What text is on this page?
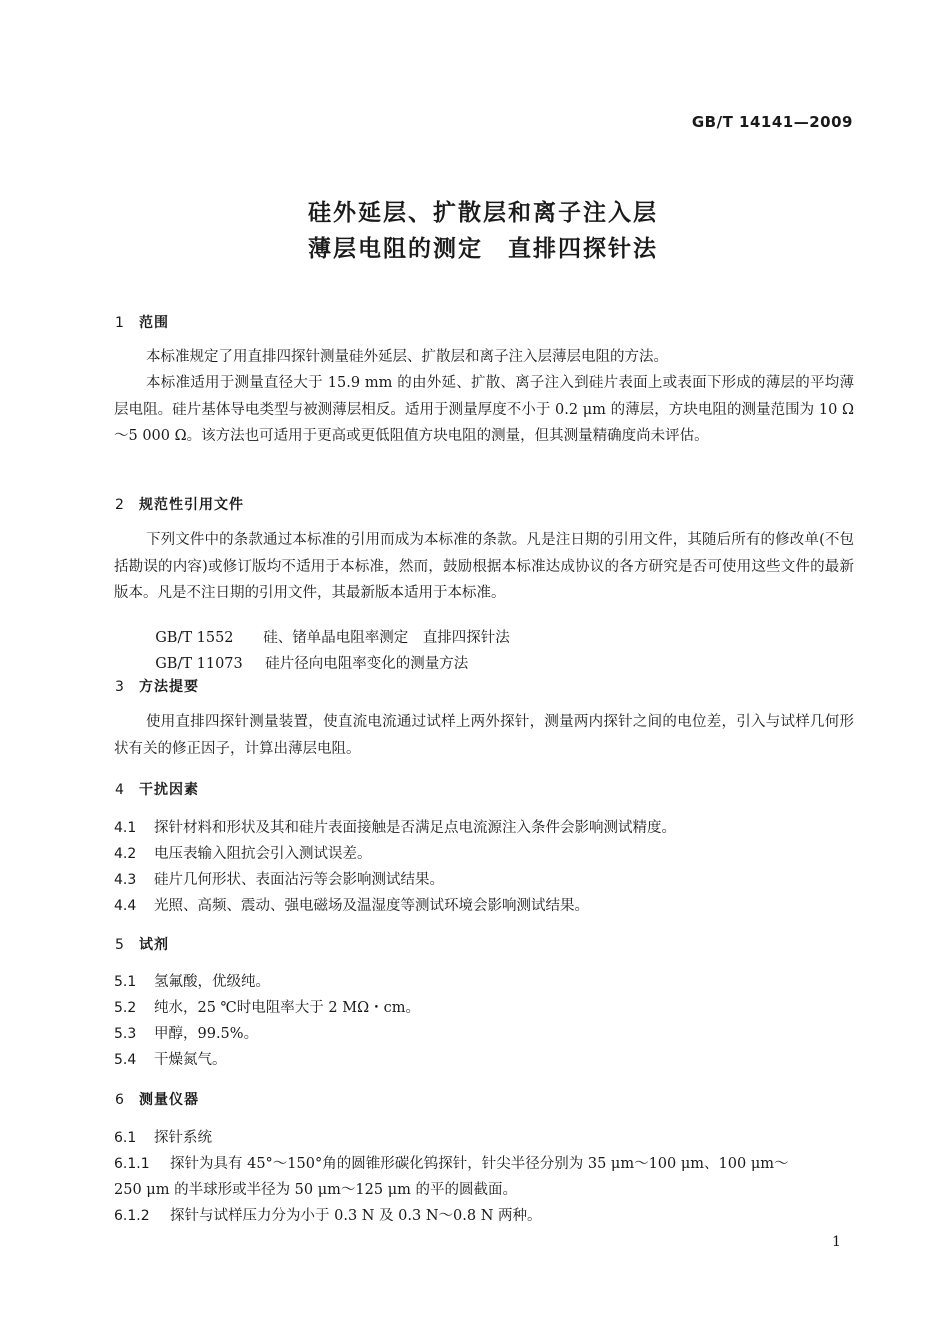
GB/T 14141—2009
硅外延层、扩散层和离子注入层
薄层电阻的测定　直排四探针法
1 范围
本标准规定了用直排四探针测量硅外延层、扩散层和离子注入层薄层电阻的方法。
本标准适用于测量直径大于 15.9 mm 的由外延、扩散、离子注入到硅片表面上或表面下形成的薄层的平均薄层电阻。硅片基体导电类型与被测薄层相反。适用于测量厚度不小于 0.2 μm 的薄层，方块电阻的测量范围为 10 Ω～5 000 Ω。该方法也可适用于更高或更低阻值方块电阻的测量，但其测量精确度尚未评估。
2 规范性引用文件
下列文件中的条款通过本标准的引用而成为本标准的条款。凡是注日期的引用文件，其随后所有的修改单(不包括勘误的内容)或修订版均不适用于本标准，然而，鼓励根据本标准达成协议的各方研究是否可使用这些文件的最新版本。凡是不注日期的引用文件，其最新版本适用于本标准。

GB/T 1552 硅、锗单晶电阻率测定　直排四探针法

GB/T 11073 硅片径向电阻率变化的测量方法

3 方法提要
使用直排四探针测量装置，使直流电流通过试样上两外探针，测量两内探针之间的电位差，引入与试样几何形状有关的修正因子，计算出薄层电阻。
4 干扰因素
4.1 探针材料和形状及其和硅片表面接触是否满足点电流源注入条件会影响测试精度。
4.2 电压表输入阻抗会引入测试误差。
4.3 硅片几何形状、表面沾污等会影响测试结果。
4.4 光照、高频、震动、强电磁场及温湿度等测试环境会影响测试结果。
5 试剂
5.1 氢氟酸，优级纯。
5.2 纯水，25 ℃时电阻率大于 2 MΩ・cm。
5.3 甲醇，99.5%。
5.4 干燥氮气。
6 测量仪器
6.1 探针系统
6.1.1 探针为具有 45°～150°角的圆锥形碳化钨探针，针尖半径分别为 35 μm～100 μm、100 μm～
250 μm 的半球形或半径为 50 μm～125 μm 的平的圆截面。
6.1.2 探针与试样压力分为小于 0.3 N 及 0.3 N～0.8 N 两种。
1
